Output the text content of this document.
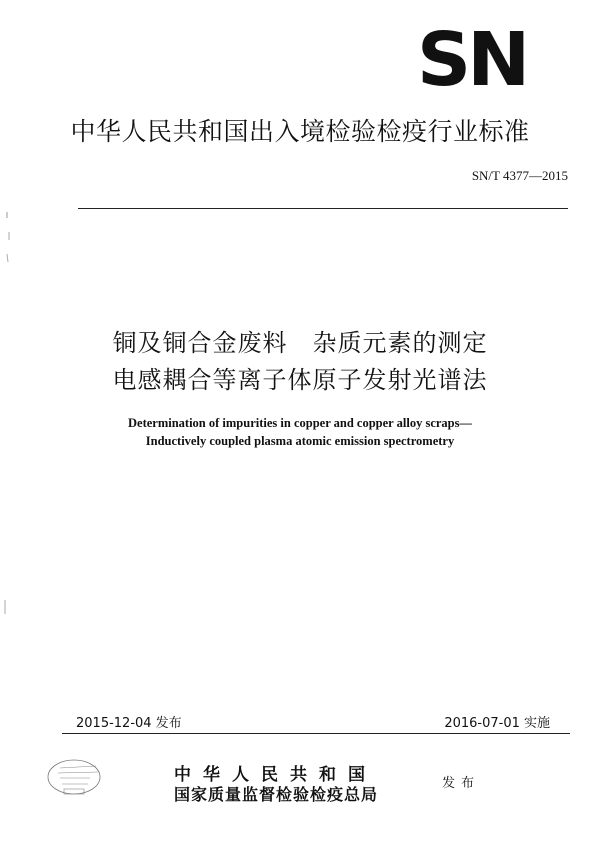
SN
中华人民共和国出入境检验检疫行业标准
SN/T 4377—2015
铜及铜合金废料　杂质元素的测定
电感耦合等离子体原子发射光谱法
Determination of impurities in copper and copper alloy scraps—
Inductively coupled plasma atomic emission spectrometry
2015-12-04 发布	2016-07-01 实施
中华人民共和国
国家质量监督检验检疫总局
发布
